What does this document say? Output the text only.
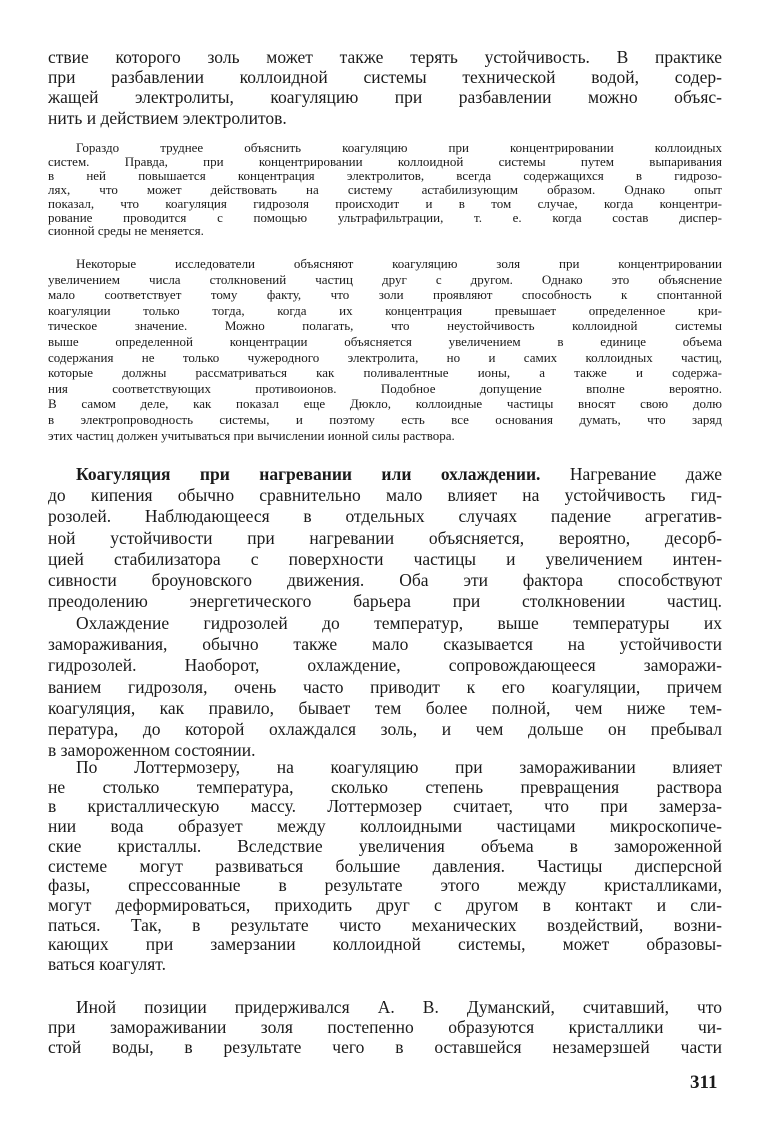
ствие которого золь может также терять устойчивость. В практике
при разбавлении коллоидной системы технической водой, содер-
жащей электролиты, коагуляцию при разбавлении можно объяс-
нить и действием электролитов.
Гораздо труднее объяснить коагуляцию при концентрировании коллоидных
систем. Правда, при концентрировании коллоидной системы путем выпаривания
в ней повышается концентрация электролитов, всегда содержащихся в гидрозо-
лях, что может действовать на систему астабилизующим образом. Однако опыт
показал, что коагуляция гидрозоля происходит и в том случае, когда концентри-
рование проводится с помощью ультрафильтрации, т. е. когда состав диспер-
сионной среды не меняется.
Некоторые исследователи объясняют коагуляцию золя при концентрировании
увеличением числа столкновений частиц друг с другом. Однако это объяснение
мало соответствует тому факту, что золи проявляют способность к спонтанной
коагуляции только тогда, когда их концентрация превышает определенное кри-
тическое значение. Можно полагать, что неустойчивость коллоидной системы
выше определенной концентрации объясняется увеличением в единице объема
содержания не только чужеродного электролита, но и самих коллоидных частиц,
которые должны рассматриваться как поливалентные ионы, а также и содержа-
ния соответствующих противоионов. Подобное допущение вполне вероятно.
В самом деле, как показал еще Дюкло, коллоидные частицы вносят свою долю
в электропроводность системы, и поэтому есть все основания думать, что заряд
этих частиц должен учитываться при вычислении ионной силы раствора.
Коагуляция при нагревании или охлаждении. Нагревание даже
до кипения обычно сравнительно мало влияет на устойчивость гид-
розолей. Наблюдающееся в отдельных случаях падение агрегатив-
ной устойчивости при нагревании объясняется, вероятно, десорб-
цией стабилизатора с поверхности частицы и увеличением интен-
сивности броуновского движения. Оба эти фактора способствуют
преодолению энергетического барьера при столкновении частиц.
Охлаждение гидрозолей до температур, выше температуры их
замораживания, обычно также мало сказывается на устойчивости
гидрозолей. Наоборот, охлаждение, сопровождающееся заморажи-
ванием гидрозоля, очень часто приводит к его коагуляции, причем
коагуляция, как правило, бывает тем более полной, чем ниже тем-
пература, до которой охлаждался золь, и чем дольше он пребывал
в замороженном состоянии.
По Лоттермозеру, на коагуляцию при замораживании влияет
не столько температура, сколько степень превращения раствора
в кристаллическую массу. Лоттермозер считает, что при замерза-
нии вода образует между коллоидными частицами микроскопиче-
ские кристаллы. Вследствие увеличения объема в замороженной
системе могут развиваться большие давления. Частицы дисперсной
фазы, спрессованные в результате этого между кристалликами,
могут деформироваться, приходить друг с другом в контакт и сли-
паться. Так, в результате чисто механических воздействий, возни-
кающих при замерзании коллоидной системы, может образовы-
ваться коагулят.
Иной позиции придерживался А. В. Думанский, считавший, что
при замораживании золя постепенно образуются кристаллики чи-
стой воды, в результате чего в оставшейся незамерзшей части
311
